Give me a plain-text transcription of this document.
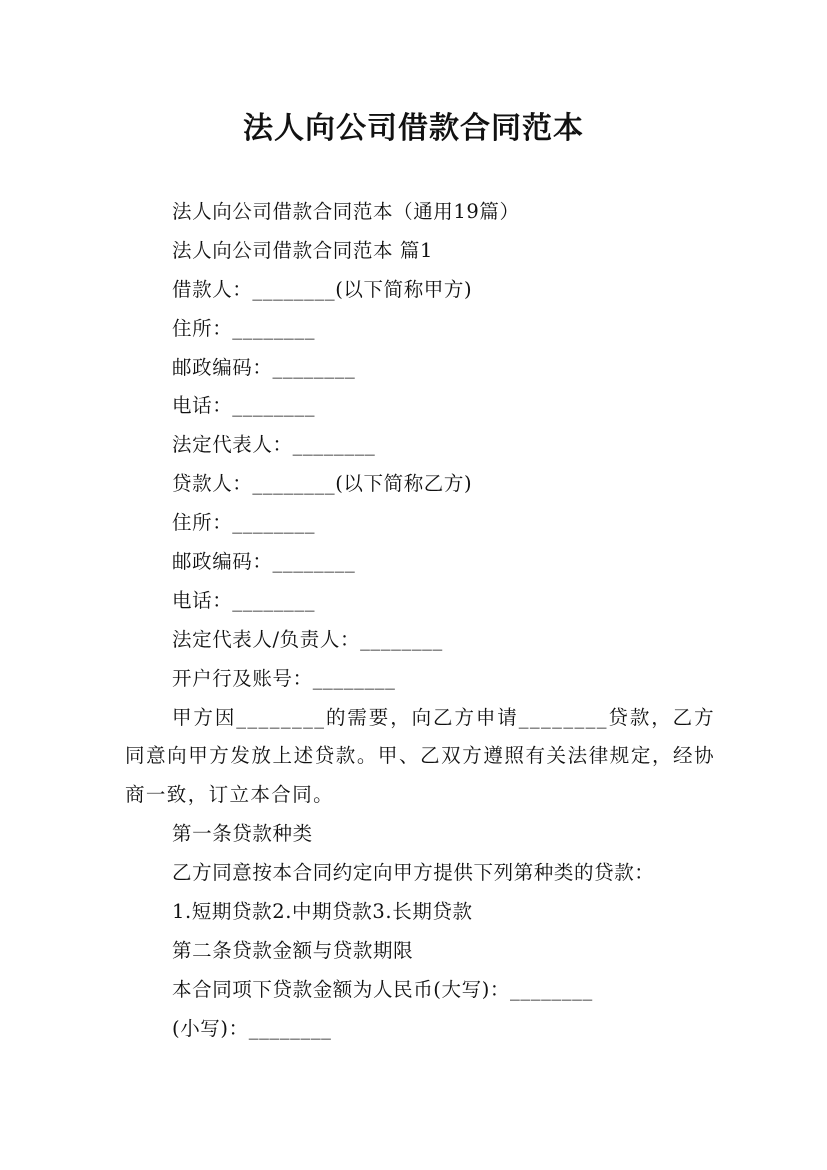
法人向公司借款合同范本
法人向公司借款合同范本（通用19篇）
法人向公司借款合同范本 篇1
借款人：________(以下简称甲方)
住所：________
邮政编码：________
电话：________
法定代表人：________
贷款人：________(以下简称乙方)
住所：________
邮政编码：________
电话：________
法定代表人/负责人：________
开户行及账号：________

甲方因________的需要，向乙方申请________贷款，乙方同意向甲方发放上述贷款。甲、乙双方遵照有关法律规定，经协商一致，订立本合同。

第一条贷款种类
乙方同意按本合同约定向甲方提供下列第种类的贷款：
1.短期贷款2.中期贷款3.长期贷款
第二条贷款金额与贷款期限
本合同项下贷款金额为人民币(大写)：________
(小写)：________
